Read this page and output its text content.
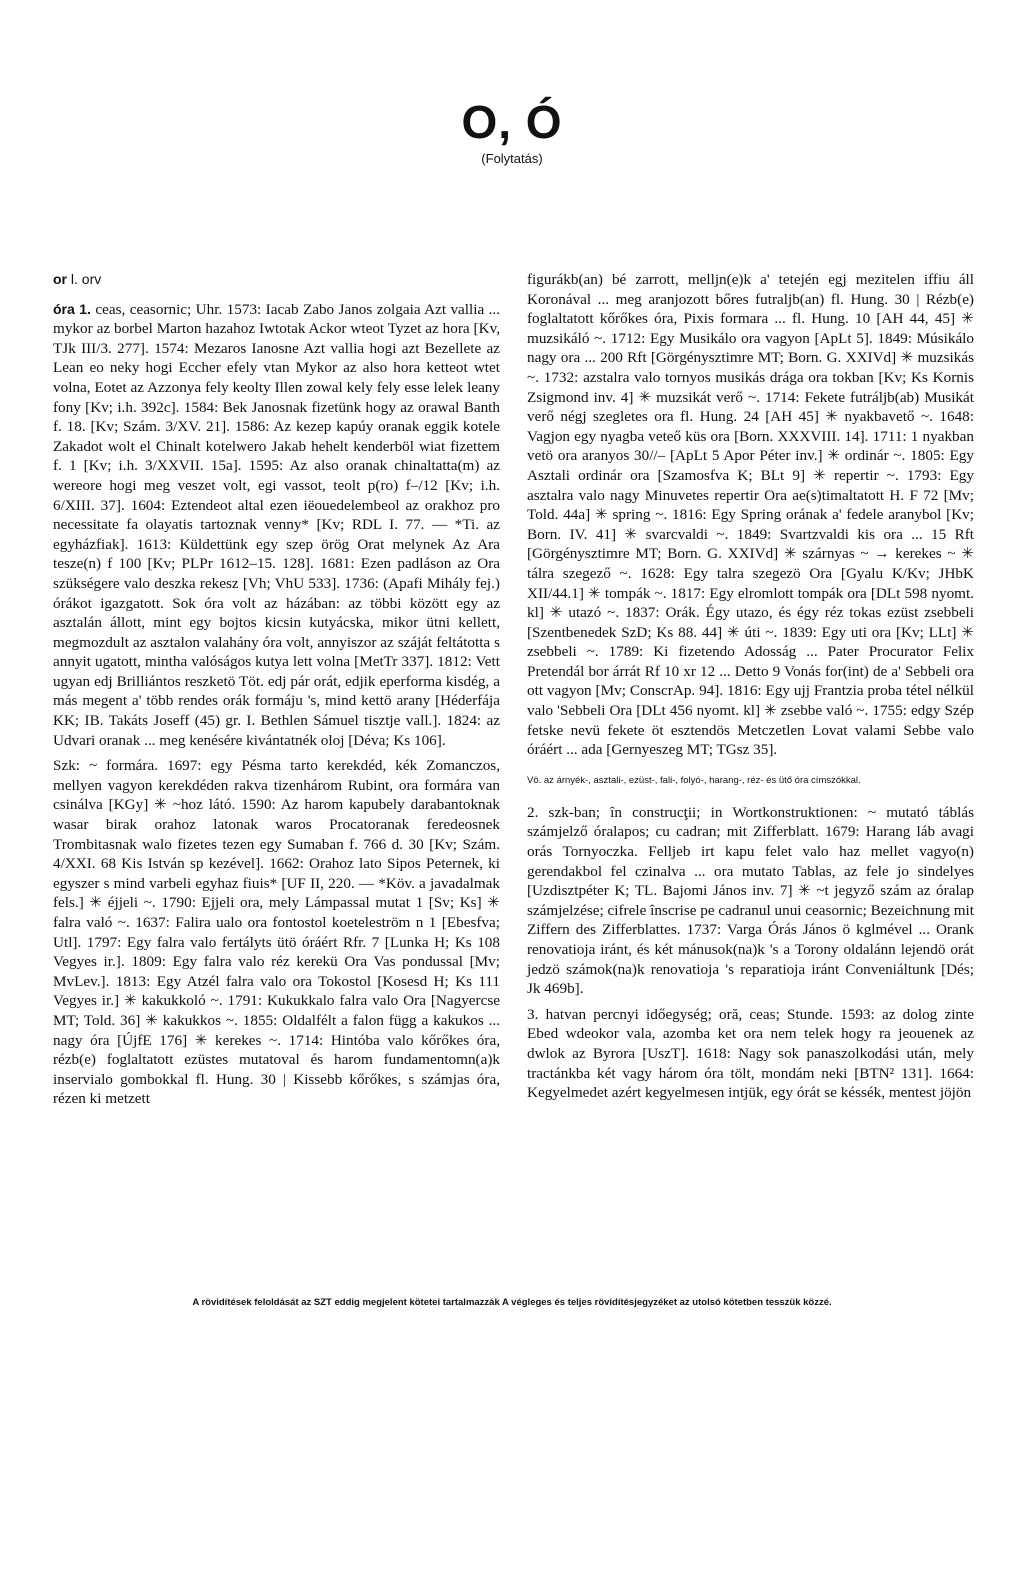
O, Ó
(Folytatás)

or l. orv

óra 1. ceas, ceasornic; Uhr. 1573: Iacab Zabo Janos zolgaia Azt vallia ... mykor az borbel Marton hazahoz Iwtotak Ackor wteot Tyzet az hora [Kv, TJk III/3. 277]. 1574: Mezaros Ianosne Azt vallia hogi azt Bezellete az Lean eo neky hogi Eccher efely vtan Mykor az also hora ketteot wtet volna, Eotet az Azzonya fely keolty Illen zowal kely fely esse lelek leany fony [Kv; i.h. 392c]. 1584: Bek Janosnak fizetünk hogy az orawal Banth f. 18. [Kv; Szám. 3/XV. 21]. 1586: Az kezep kapúy oranak eggik kotele Zakadot wolt el Chinalt kotelwero Jakab hehelt kenderböl wiat fizettem f. 1 [Kv; i.h. 3/XXVII. 15a]. 1595: Az also oranak chinaltatta(m) az wereore hogi meg veszet volt, egi vassot, teolt p(ro) f–/12 [Kv; i.h. 6/XIII. 37]. 1604: Eztendeot altal ezen iëouedelembeol az orakhoz pro necessitate fa olayatis tartoznak venny* [Kv; RDL I. 77. — *Ti. az egyházfiak]. 1613: Küldettünk egy szep örög Orat melynek Az Ara tesze(n) f 100 [Kv; PLPr 1612–15. 128]. 1681: Ezen padláson az Ora szükségere valo deszka rekesz [Vh; VhU 533]. 1736: (Apafi Mihály fej.) órákot igazgatott. Sok óra volt az házában: az többi között egy az asztalán állott, mint egy bojtos kicsin kutyácska, mikor ütni kellett, megmozdult az asztalon valahány óra volt, annyiszor az száját feltátotta s annyit ugatott, mintha valóságos kutya lett volna [MetTr 337]. 1812: Vett ugyan edj Brilliántos reszketö Töt. edj pár orát, edjik eperforma kisdég, a más megent a' több rendes orák formáju 's, mind kettö arany [Héderfája KK; IB. Takáts Joseff (45) gr. I. Bethlen Sámuel tisztje vall.]. 1824: az Udvari oranak ... meg kenésére kivántatnék oloj [Déva; Ks 106].

Szk: ~ formára. 1697: egy Pésma tarto kerekdéd, kék Zomanczos, mellyen vagyon kerekdéden rakva tizenhárom Rubint, ora formára van csinálva [KGy] ✳ ~hoz látó. 1590: Az harom kapubely darabantoknak wasar birak orahoz latonak waros Procatoranak feredeosnek Trombitasnak walo fizetes tezen egy Sumaban f. 766 d. 30 [Kv; Szám. 4/XXI. 68 Kis István sp kezével]. 1662: Orahoz lato Sipos Peternek, ki egyszer s mind varbeli egyhaz fiuis* [UF II, 220. — *Köv. a javadalmak fels.] ✳ éjjeli ~. 1790: Ejjeli ora, mely Lámpassal mutat 1 [Sv; Ks] ✳ falra való ~. 1637: Falira ualo ora fontostol koeteleström n 1 [Ebesfva; Utl]. 1797: Egy falra valo fertályts ütö óráért Rfr. 7 [Lunka H; Ks 108 Vegyes ir.]. 1809: Egy falra valo réz kerekü Ora Vas pondussal [Mv; MvLev.]. 1813: Egy Atzél falra valo ora Tokostol [Kosesd H; Ks 111 Vegyes ir.] ✳ kakukkoló ~. 1791: Kukukkalo falra valo Ora [Nagyercse MT; Told. 36] ✳ kakukkos ~. 1855: Oldalfélt a falon függ a kakukos ... nagy óra [ÚjfE 176] ✳ kerekes ~. 1714: Hintóba valo kőrőkes óra, rézb(e) foglaltatott ezüstes mutatoval és harom fundamentomn(a)k inservialo gombokkal fl. Hung. 30 | Kissebb kőrőkes, s számjas óra, rézen ki metzett

figurákb(an) bé zarrott, melljn(e)k a' tetején egj mezitelen iffiu áll Koronával ... meg aranjozott bőres futraljb(an) fl. Hung. 30 | Rézb(e) foglaltatott kőrőkes óra, Pixis formara ... fl. Hung. 10 [AH 44, 45] ✳ muzsikáló ~. 1712: Egy Musikálo ora vagyon [ApLt 5]. 1849: Músikálo nagy ora ... 200 Rft [Görgénysztimre MT; Born. G. XXIVd] ✳ muzsikás ~. 1732: azstalra valo tornyos musikás drága ora tokban [Kv; Ks Kornis Zsigmond inv. 4] ✳ muzsikát verő ~. 1714: Fekete futráljb(ab) Musikát verő négj szegletes ora fl. Hung. 24 [AH 45] ✳ nyakbavető ~. 1648: Vagjon egy nyagba veteő küs ora [Born. XXXVIII. 14]. 1711: 1 nyakban vetö ora aranyos 30//– [ApLt 5 Apor Péter inv.] ✳ ordinár ~. 1805: Egy Asztali ordinár ora [Szamosfva K; BLt 9] ✳ repertir ~. 1793: Egy asztalra valo nagy Minuvetes repertir Ora ae(s)timaltatott H. F 72 [Mv; Told. 44a] ✳ spring ~. 1816: Egy Spring orának a' fedele aranybol [Kv; Born. IV. 41] ✳ svarcvaldi ~. 1849: Svartzvaldi kis ora ... 15 Rft [Görgénysztimre MT; Born. G. XXIVd] ✳ szárnyas ~ → kerekes ~ ✳ tálra szegező ~. 1628: Egy talra szegezö Ora [Gyalu K/Kv; JHbK XII/44.1] ✳ tompák ~. 1817: Egy elromlott tompák ora [DLt 598 nyomt. kl] ✳ utazó ~. 1837: Orák. Égy utazo, és égy réz tokas ezüst zsebbeli [Szentbenedek SzD; Ks 88. 44] ✳ úti ~. 1839: Egy uti ora [Kv; LLt] ✳ zsebbeli ~. 1789: Ki fizetendo Adosság ... Pater Procurator Felix Pretendál bor árrát Rf 10 xr 12 ... Detto 9 Vonás for(int) de a' Sebbeli ora ott vagyon [Mv; ConscrAp. 94]. 1816: Egy ujj Frantzia proba tétel nélkül valo 'Sebbeli Ora [DLt 456 nyomt. kl] ✳ zsebbe való ~. 1755: edgy Szép fetske nevü fekete öt esztendös Metczetlen Lovat valami Sebbe valo óráért ... ada [Gernyeszeg MT; TGsz 35].

Vö. az árnyék-, asztali-, ezüst-, fali-, folyó-, harang-, réz- és ütő óra címszókkal.

2. szk-ban; în construcţii; in Wortkonstruktionen: ~ mutató táblás számjelző óralapos; cu cadran; mit Zifferblatt. 1679: Harang láb avagi orás Tornyoczka. Felljeb irt kapu felet valo haz mellet vagyo(n) gerendakbol fel czinalva ... ora mutato Tablas, az fele jo sindelyes [Uzdisztpéter K; TL. Bajomi János inv. 7] ✳ ~t jegyző szám az óralap számjelzése; cifrele înscrise pe cadranul unui ceasornic; Bezeichnung mit Ziffern des Zifferblattes. 1737: Varga Órás János ö kglmével ... Orank renovatioja iránt, és két mánusok(na)k 's a Torony oldalánn lejendö orát jedzö számok(na)k renovatioja 's reparatioja iránt Conveniáltunk [Dés; Jk 469b].

3. hatvan percnyi időegység; oră, ceas; Stunde. 1593: az dolog zinte Ebed wdeokor vala, azomba ket ora nem telek hogy ra jeouenek az dwlok az Byrora [UszT]. 1618: Nagy sok panaszolkodási után, mely tractánkba két vagy három óra tölt, mondám neki [BTN² 131]. 1664: Kegyelmedet azért kegyelmesen intjük, egy órát se késsék, mentest jöjön

A rövidítések feloldását az SZT eddig megjelent kötetei tartalmazzák A végleges és teljes rövidítésjegyzéket az utolsó kötetben tesszük közzé.
